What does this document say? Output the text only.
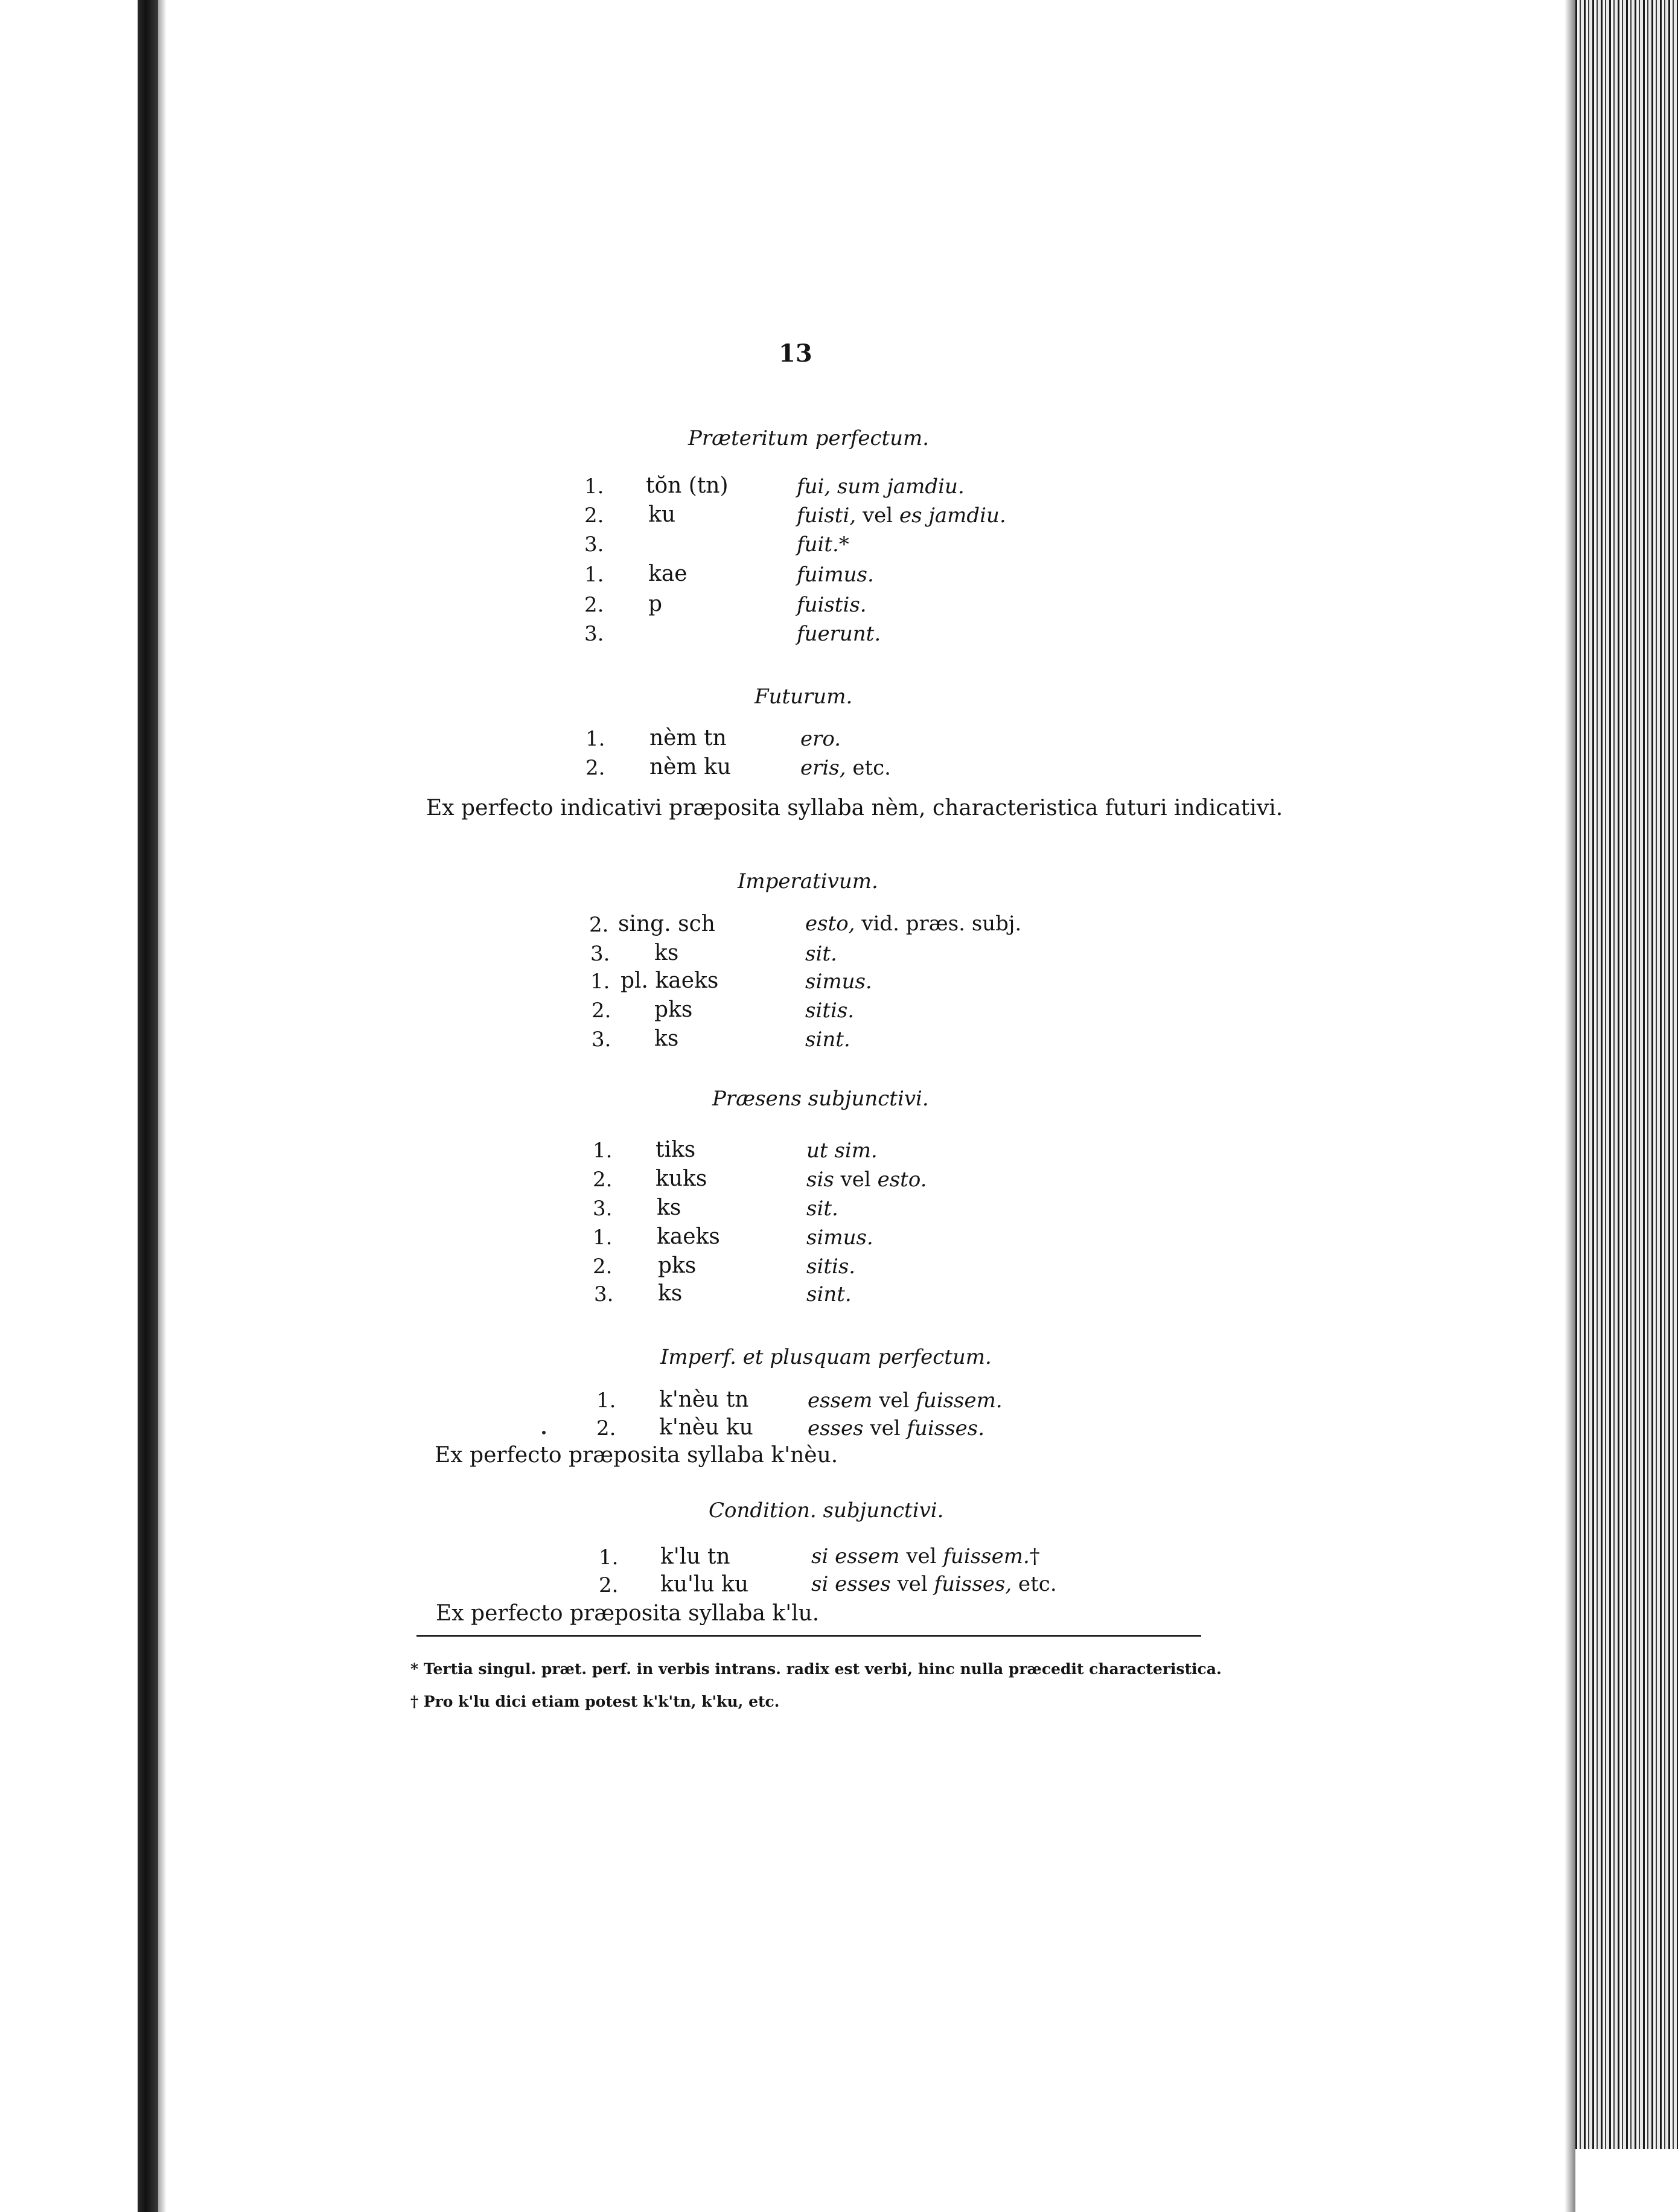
13
Præteritum perfectum.
1. tŏn (tn)	fui, sum jamdiu.
2. ku	fuisti, vel es jamdiu.
3.	fuit.*
1. kae	fuimus.
2. p	fuistis.
3.	fuerunt.
Futurum.
1. nèm tn	ero.
2. nèm ku	eris, etc.
Ex perfecto indicativi præposita syllaba nèm, characteristica futuri indicativi.
Imperativum.
2. sing. sch	esto, vid. præs. subj.
3. ks	sit.
1. pl. kaeks	simus.
2. pks	sitis.
3. ks	sint.
Præsens subjunctivi.
1. tiks	ut sim.
2. kuks	sis vel esto.
3. ks	sit.
1. kaeks	simus.
2. pks	sitis.
3. ks	sint.
Imperf. et plusquam perfectum.
1. k'nèu tn	essem vel fuissem.
2. k'nèu ku	esses vel fuisses.
Ex perfecto præposita syllaba k'nèu.
Condition. subjunctivi.
1. k'lu tn	si essem vel fuissem.†
2. ku'lu ku	si esses vel fuisses, etc.
Ex perfecto præposita syllaba k'lu.
* Tertia singul. præt. perf. in verbis intrans. radix est verbi, hinc nulla præcedit characteristica.
† Pro k'lu dici etiam potest k'k'tn, k'ku, etc.
